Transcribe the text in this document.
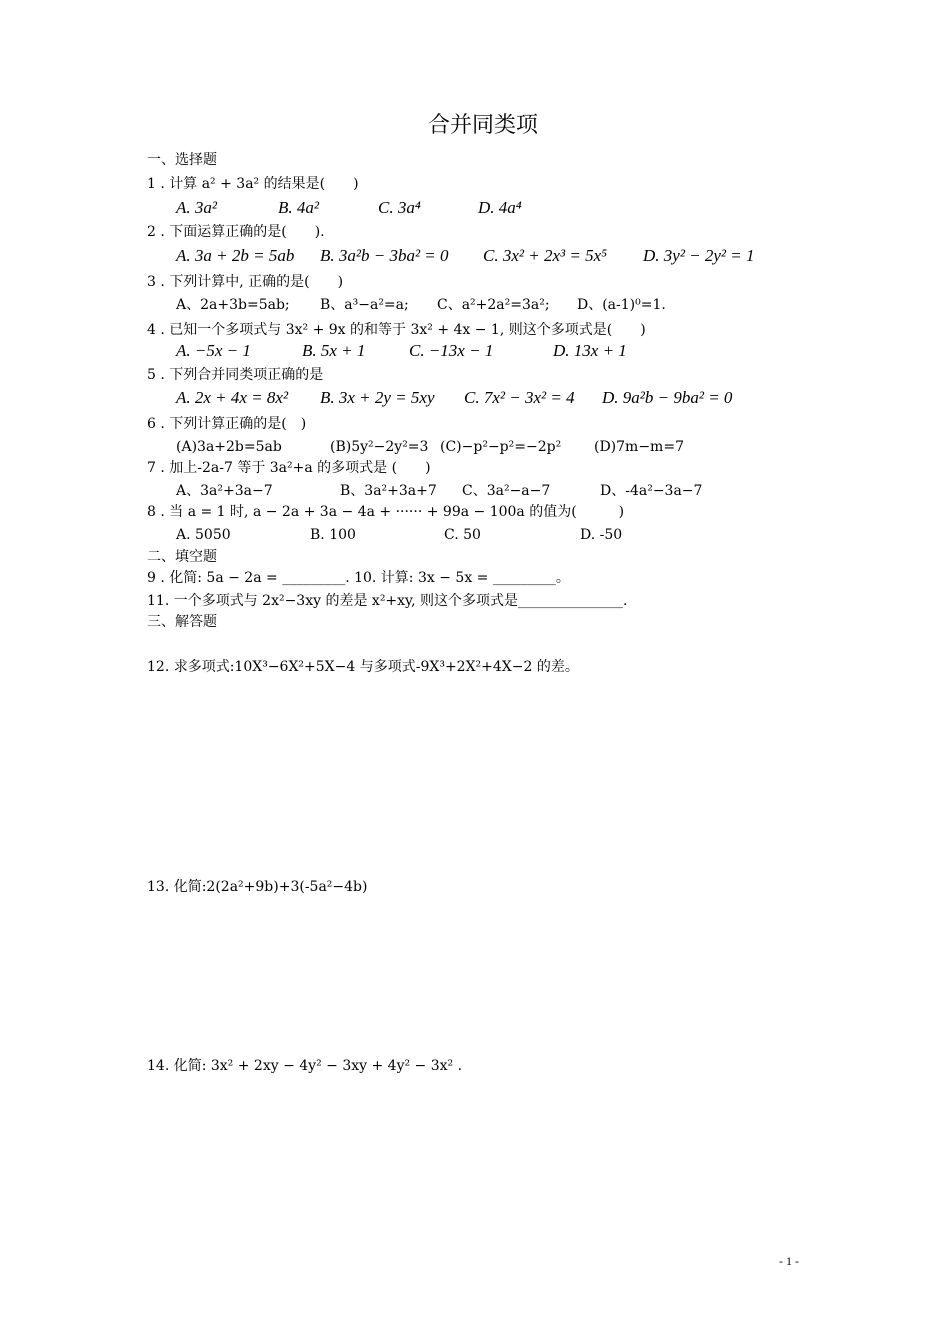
合并同类项
一、选择题
1 . 计算 a² + 3a² 的结果是(　　)
A. 3a²	B. 4a²	C. 3a⁴	D. 4a⁴
2 . 下面运算正确的是(　　).
A. 3a + 2b = 5ab B. 3a²b − 3ba² = 0 C. 3x² + 2x³ = 5x⁵ D. 3y² − 2y² = 1
3 . 下列计算中, 正确的是(　　)
A、2a+3b=5ab; B、a³−a²=a; C、a²+2a²=3a²; D、(a-1)⁰=1.
4 . 已知一个多项式与 3x² + 9x 的和等于 3x² + 4x − 1, 则这个多项式是(　　)
A. −5x − 1	B. 5x + 1	C. −13x − 1	D. 13x + 1
5 . 下列合并同类项正确的是
A. 2x + 4x = 8x² B. 3x + 2y = 5xy C. 7x² − 3x² = 4 D. 9a²b − 9ba² = 0
6 . 下列计算正确的是(　)
(A)3a+2b=5ab	(B)5y²−2y²=3 (C)−p²−p²=−2p² (D)7m−m=7
7 . 加上-2a-7 等于 3a²+a 的多项式是 (　　)
A、3a²+3a−7	B、3a²+3a+7 C、3a²−a−7	D、-4a²−3a−7
8 . 当 a = 1 时, a − 2a + 3a − 4a + ······ + 99a − 100a 的值为(　　　)
A. 5050	B. 100	C. 50	D. -50
二、填空题
9 . 化简: 5a − 2a = _________. 10. 计算: 3x − 5x = _________。
11. 一个多项式与 2x²−3xy 的差是 x²+xy, 则这个多项式是_______________.
三、解答题
12. 求多项式:10X³−6X²+5X−4 与多项式-9X³+2X²+4X−2 的差。
13. 化简:2(2a²+9b)+3(-5a²−4b)
14. 化简: 3x² + 2xy − 4y² − 3xy + 4y² − 3x² .
- 1 -
